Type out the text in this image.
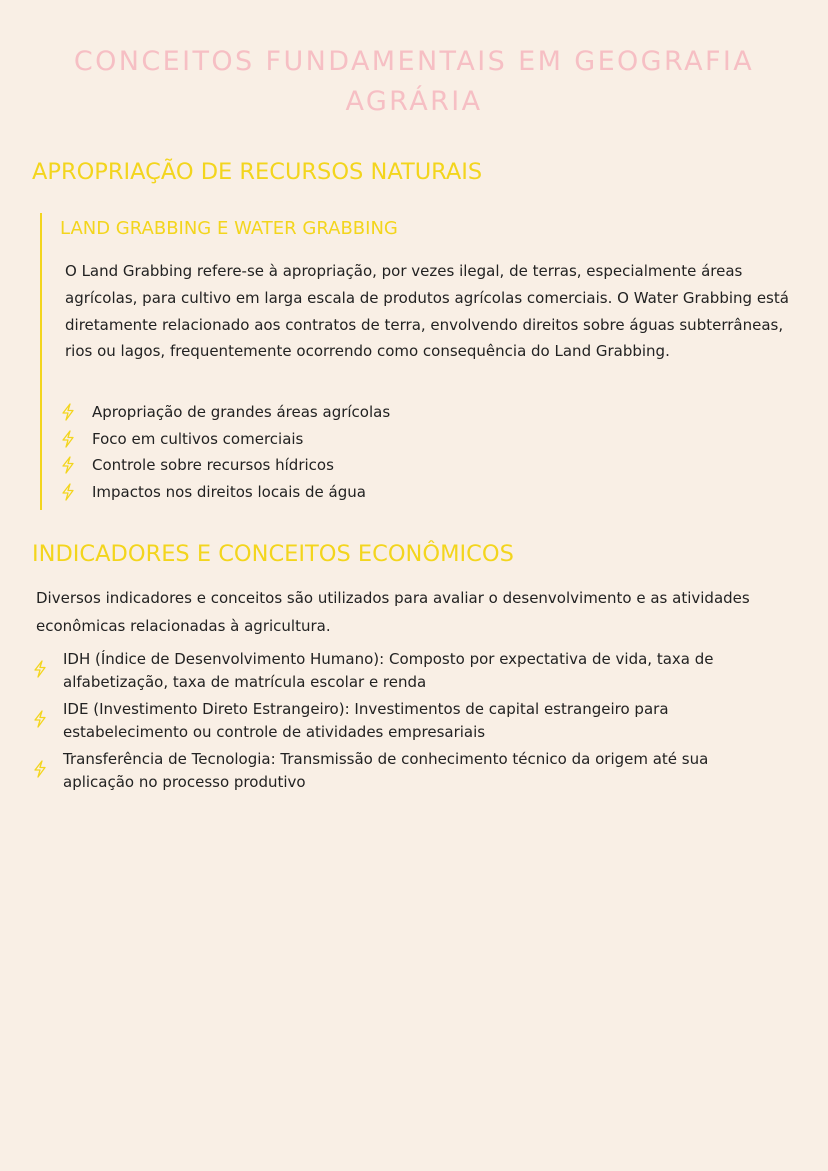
CONCEITOS FUNDAMENTAIS EM GEOGRAFIA AGRÁRIA
APROPRIAÇÃO DE RECURSOS NATURAIS
LAND GRABBING E WATER GRABBING

O Land Grabbing refere-se à apropriação, por vezes ilegal, de terras, especialmente áreas agrícolas, para cultivo em larga escala de produtos agrícolas comerciais. O Water Grabbing está diretamente relacionado aos contratos de terra, envolvendo direitos sobre águas subterrâneas, rios ou lagos, frequentemente ocorrendo como consequência do Land Grabbing.

Apropriação de grandes áreas agrícolas
Foco em cultivos comerciais
Controle sobre recursos hídricos
Impactos nos direitos locais de água
INDICADORES E CONCEITOS ECONÔMICOS

Diversos indicadores e conceitos são utilizados para avaliar o desenvolvimento e as atividades econômicas relacionadas à agricultura.

IDH (Índice de Desenvolvimento Humano): Composto por expectativa de vida, taxa de alfabetização, taxa de matrícula escolar e renda
IDE (Investimento Direto Estrangeiro): Investimentos de capital estrangeiro para estabelecimento ou controle de atividades empresariais
Transferência de Tecnologia: Transmissão de conhecimento técnico da origem até sua aplicação no processo produtivo
